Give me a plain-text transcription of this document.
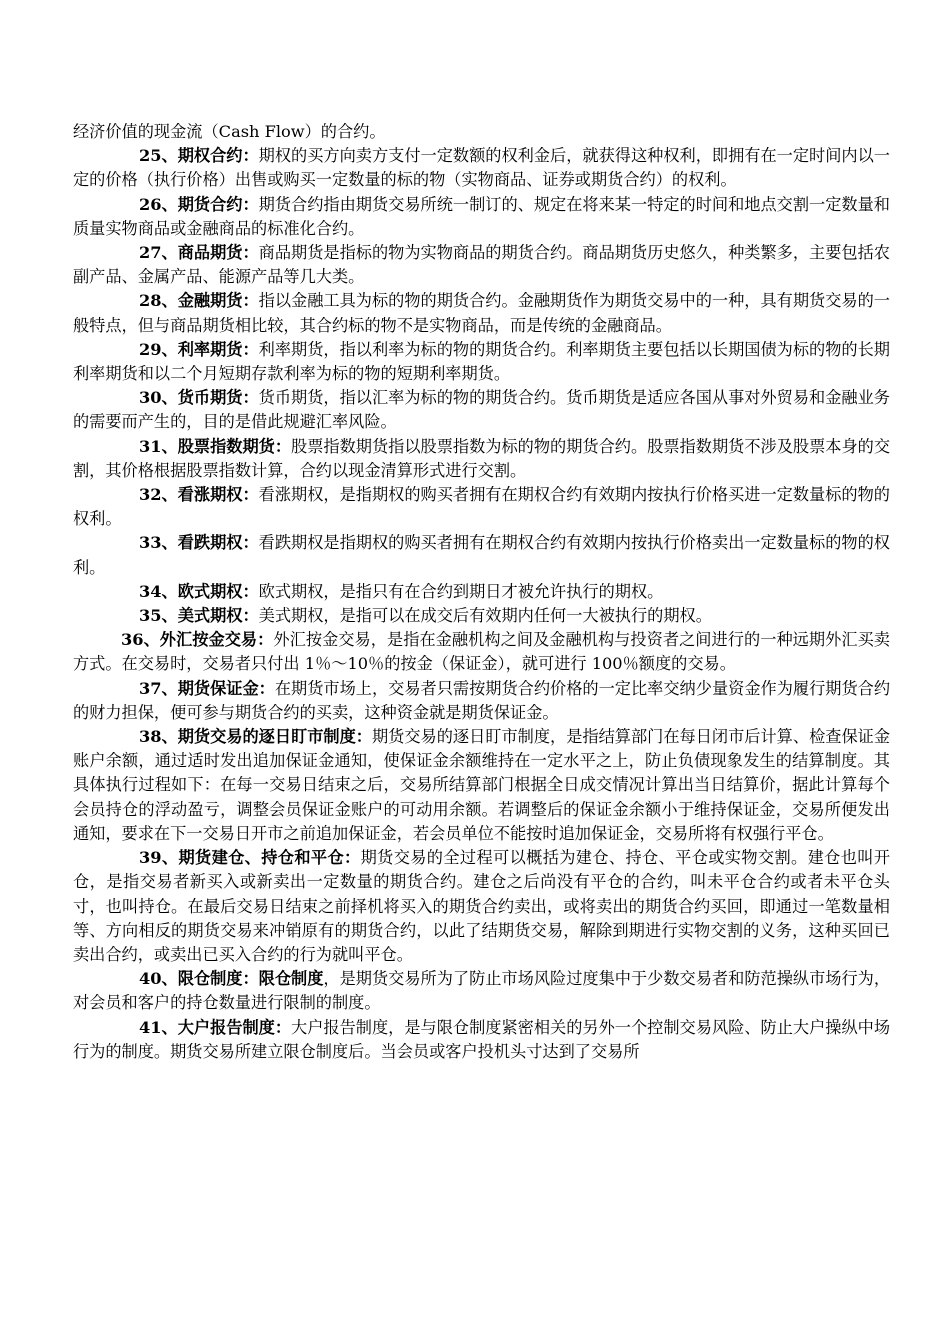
经济价值的现金流（Cash Flow）的合约。

25、期权合约：期权的买方向卖方支付一定数额的权利金后，就获得这种权利，即拥有在一定时间内以一定的价格（执行价格）出售或购买一定数量的标的物（实物商品、证券或期货合约）的权利。

26、期货合约：期货合约指由期货交易所统一制订的、规定在将来某一特定的时间和地点交割一定数量和质量实物商品或金融商品的标准化合约。

27、商品期货：商品期货是指标的物为实物商品的期货合约。商品期货历史悠久，种类繁多，主要包括农副产品、金属产品、能源产品等几大类。

28、金融期货：指以金融工具为标的物的期货合约。金融期货作为期货交易中的一种，具有期货交易的一般特点，但与商品期货相比较，其合约标的物不是实物商品，而是传统的金融商品。

29、利率期货：利率期货，指以利率为标的物的期货合约。利率期货主要包括以长期国债为标的物的长期利率期货和以二个月短期存款利率为标的物的短期利率期货。

30、货币期货：货币期货，指以汇率为标的物的期货合约。货币期货是适应各国从事对外贸易和金融业务的需要而产生的，目的是借此规避汇率风险。

31、股票指数期货：股票指数期货指以股票指数为标的物的期货合约。股票指数期货不涉及股票本身的交割，其价格根据股票指数计算，合约以现金清算形式进行交割。

32、看涨期权：看涨期权，是指期权的购买者拥有在期权合约有效期内按执行价格买进一定数量标的物的权利。

33、看跌期权：看跌期权是指期权的购买者拥有在期权合约有效期内按执行价格卖出一定数量标的物的权利。

34、欧式期权：欧式期权，是指只有在合约到期日才被允许执行的期权。

35、美式期权：美式期权，是指可以在成交后有效期内任何一大被执行的期权。

36、外汇按金交易：外汇按金交易，是指在金融机构之间及金融机构与投资者之间进行的一种远期外汇买卖方式。在交易时，交易者只付出 1％～10％的按金（保证金），就可进行 100％额度的交易。

37、期货保证金：在期货市场上，交易者只需按期货合约价格的一定比率交纳少量资金作为履行期货合约的财力担保，便可参与期货合约的买卖，这种资金就是期货保证金。

38、期货交易的逐日盯市制度：期货交易的逐日盯市制度，是指结算部门在每日闭市后计算、检查保证金账户余额，通过适时发出追加保证金通知，使保证金余额维持在一定水平之上，防止负债现象发生的结算制度。其具体执行过程如下：在每一交易日结束之后，交易所结算部门根据全日成交情况计算出当日结算价，据此计算每个会员持仓的浮动盈亏，调整会员保证金账户的可动用余额。若调整后的保证金余额小于维持保证金，交易所便发出通知，要求在下一交易日开市之前追加保证金，若会员单位不能按时追加保证金，交易所将有权强行平仓。

39、期货建仓、持仓和平仓：期货交易的全过程可以概括为建仓、持仓、平仓或实物交割。建仓也叫开仓，是指交易者新买入或新卖出一定数量的期货合约。建仓之后尚没有平仓的合约，叫未平仓合约或者未平仓头寸，也叫持仓。在最后交易日结束之前择机将买入的期货合约卖出，或将卖出的期货合约买回，即通过一笔数量相等、方向相反的期货交易来冲销原有的期货合约，以此了结期货交易，解除到期进行实物交割的义务，这种买回已卖出合约，或卖出已买入合约的行为就叫平仓。

40、限仓制度：限仓制度，是期货交易所为了防止市场风险过度集中于少数交易者和防范操纵市场行为，对会员和客户的持仓数量进行限制的制度。

41、大户报告制度：大户报告制度，是与限仓制度紧密相关的另外一个控制交易风险、防止大户操纵中场行为的制度。期货交易所建立限仓制度后。当会员或客户投机头寸达到了交易所
